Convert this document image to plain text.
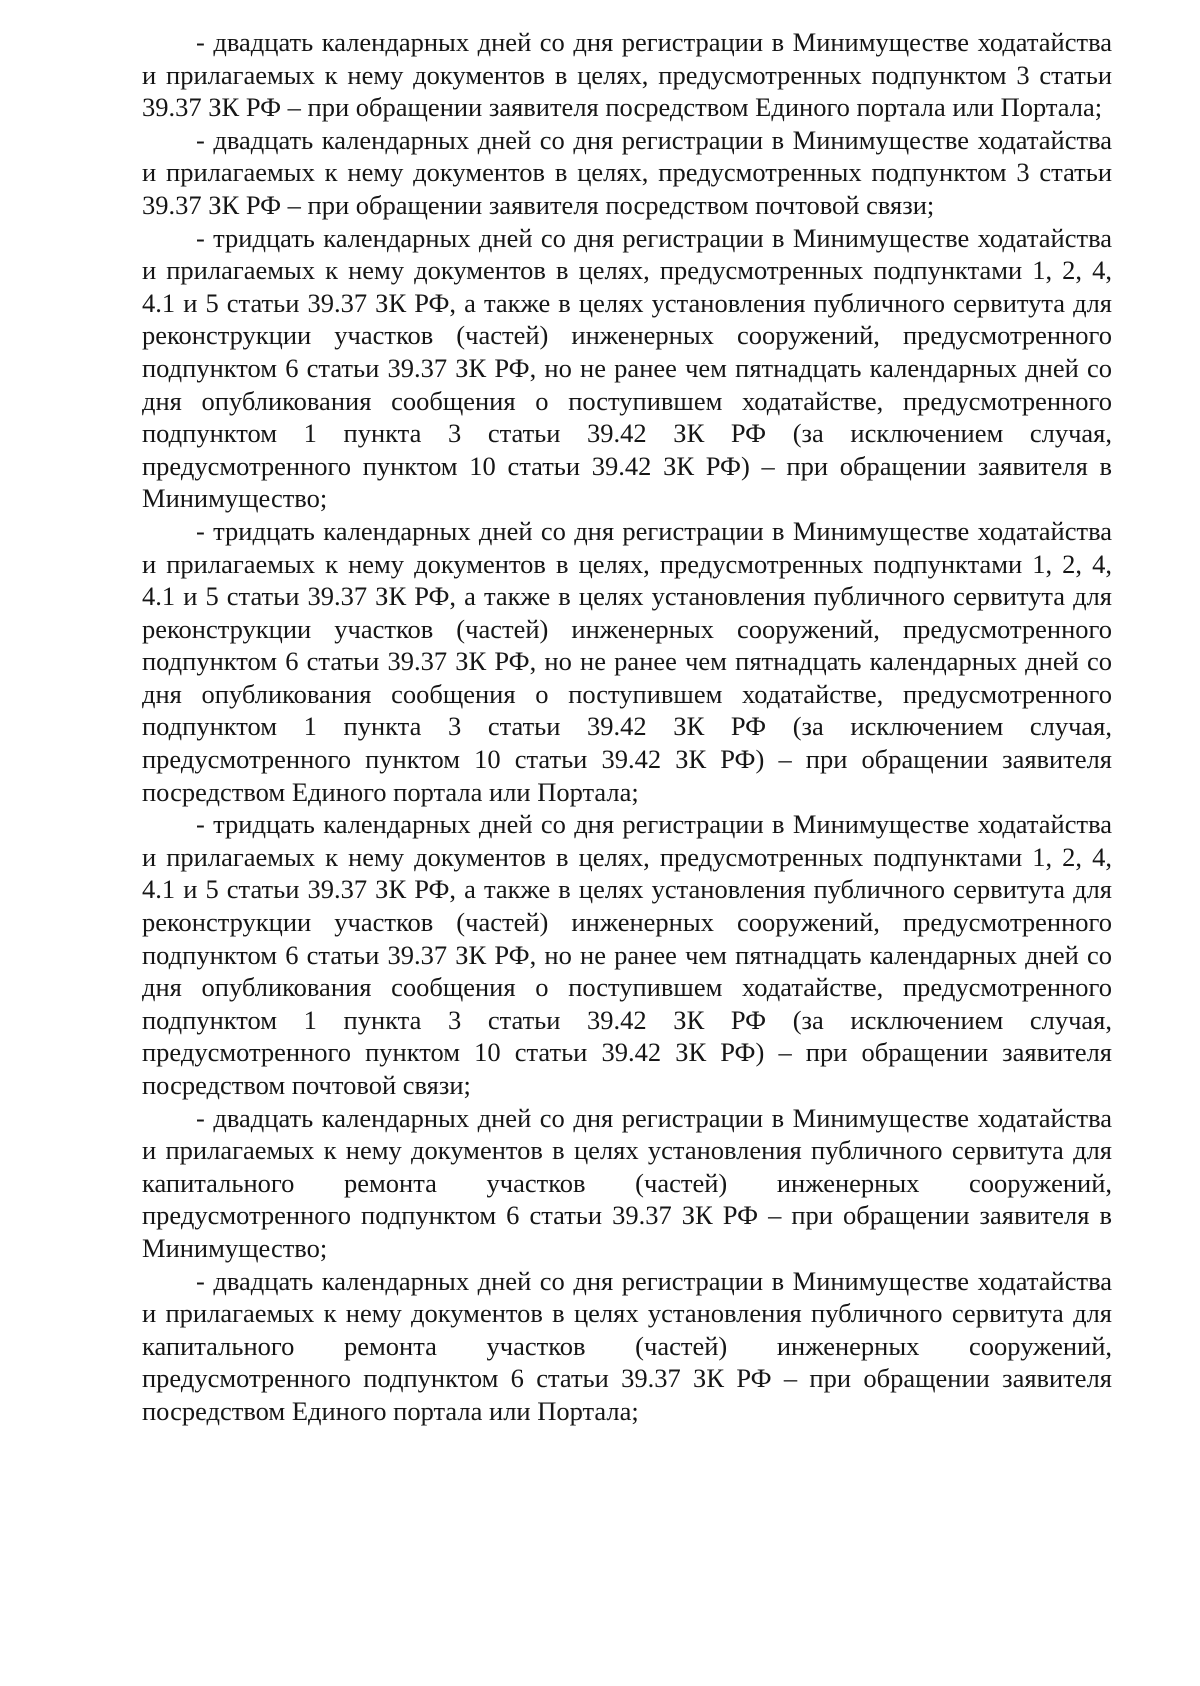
- двадцать календарных дней со дня регистрации в Минимуществе ходатайства и прилагаемых к нему документов в целях, предусмотренных подпунктом 3 статьи 39.37 ЗК РФ – при обращении заявителя посредством Единого портала или Портала;

- двадцать календарных дней со дня регистрации в Минимуществе ходатайства и прилагаемых к нему документов в целях, предусмотренных подпунктом 3 статьи 39.37 ЗК РФ – при обращении заявителя посредством почтовой связи;

- тридцать календарных дней со дня регистрации в Минимуществе ходатайства и прилагаемых к нему документов в целях, предусмотренных подпунктами 1, 2, 4, 4.1 и 5 статьи 39.37 ЗК РФ, а также в целях установления публичного сервитута для реконструкции участков (частей) инженерных сооружений, предусмотренного подпунктом 6 статьи 39.37 ЗК РФ, но не ранее чем пятнадцать календарных дней со дня опубликования сообщения о поступившем ходатайстве, предусмотренного подпунктом 1 пункта 3 статьи 39.42 ЗК РФ (за исключением случая, предусмотренного пунктом 10 статьи 39.42 ЗК РФ) – при обращении заявителя в Минимущество;

- тридцать календарных дней со дня регистрации в Минимуществе ходатайства и прилагаемых к нему документов в целях, предусмотренных подпунктами 1, 2, 4, 4.1 и 5 статьи 39.37 ЗК РФ, а также в целях установления публичного сервитута для реконструкции участков (частей) инженерных сооружений, предусмотренного подпунктом 6 статьи 39.37 ЗК РФ, но не ранее чем пятнадцать календарных дней со дня опубликования сообщения о поступившем ходатайстве, предусмотренного подпунктом 1 пункта 3 статьи 39.42 ЗК РФ (за исключением случая, предусмотренного пунктом 10 статьи 39.42 ЗК РФ) – при обращении заявителя посредством Единого портала или Портала;

- тридцать календарных дней со дня регистрации в Минимуществе ходатайства и прилагаемых к нему документов в целях, предусмотренных подпунктами 1, 2, 4, 4.1 и 5 статьи 39.37 ЗК РФ, а также в целях установления публичного сервитута для реконструкции участков (частей) инженерных сооружений, предусмотренного подпунктом 6 статьи 39.37 ЗК РФ, но не ранее чем пятнадцать календарных дней со дня опубликования сообщения о поступившем ходатайстве, предусмотренного подпунктом 1 пункта 3 статьи 39.42 ЗК РФ (за исключением случая, предусмотренного пунктом 10 статьи 39.42 ЗК РФ) – при обращении заявителя посредством почтовой связи;

- двадцать календарных дней со дня регистрации в Минимуществе ходатайства и прилагаемых к нему документов в целях установления публичного сервитута для капитального ремонта участков (частей) инженерных сооружений, предусмотренного подпунктом 6 статьи 39.37 ЗК РФ – при обращении заявителя в Минимущество;

- двадцать календарных дней со дня регистрации в Минимуществе ходатайства и прилагаемых к нему документов в целях установления публичного сервитута для капитального ремонта участков (частей) инженерных сооружений, предусмотренного подпунктом 6 статьи 39.37 ЗК РФ – при обращении заявителя посредством Единого портала или Портала;
